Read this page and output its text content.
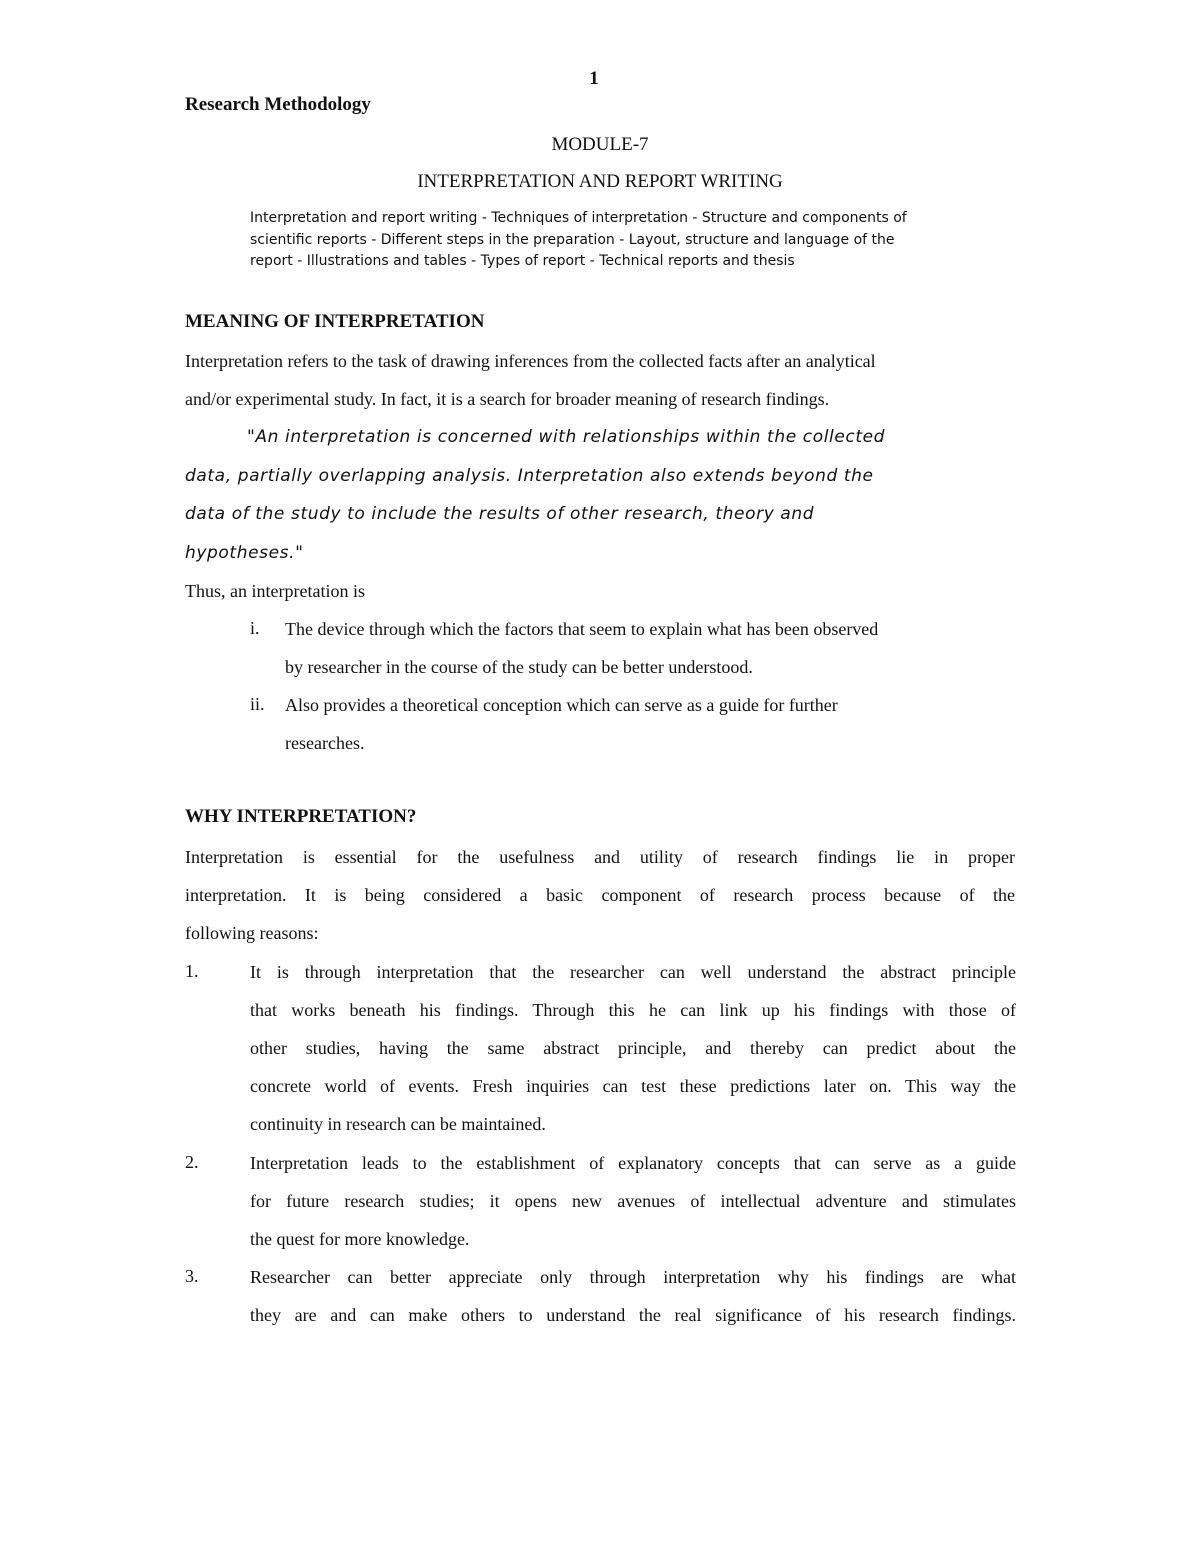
1
Research Methodology
MODULE-7
INTERPRETATION AND REPORT WRITING
Interpretation and report writing - Techniques of interpretation - Structure and components of
scientific reports - Different steps in the preparation - Layout, structure and language of the
report - Illustrations and tables - Types of report - Technical reports and thesis
MEANING OF INTERPRETATION
Interpretation refers to the task of drawing inferences from the collected facts after an analytical
and/or experimental study. In fact, it is a search for broader meaning of research findings.
"An interpretation is concerned with relationships within the collected
data, partially overlapping analysis. Interpretation also extends beyond the
data of the study to include the results of other research, theory and
hypotheses."
Thus, an interpretation is
i. The device through which the factors that seem to explain what has been observed
by researcher in the course of the study can be better understood.
ii. Also provides a theoretical conception which can serve as a guide for further
researches.
WHY INTERPRETATION?
Interpretation is essential for the usefulness and utility of research findings lie in proper
interpretation. It is being considered a basic component of research process because of the
following reasons:
1.	It is through interpretation that the researcher can well understand the abstract principle
that works beneath his findings. Through this he can link up his findings with those of
other studies, having the same abstract principle, and thereby can predict about the
concrete world of events. Fresh inquiries can test these predictions later on. This way the
continuity in research can be maintained.
2.	Interpretation leads to the establishment of explanatory concepts that can serve as a guide
for future research studies; it opens new avenues of intellectual adventure and stimulates
the quest for more knowledge.
3.	Researcher can better appreciate only through interpretation why his findings are what
they are and can make others to understand the real significance of his research findings.
